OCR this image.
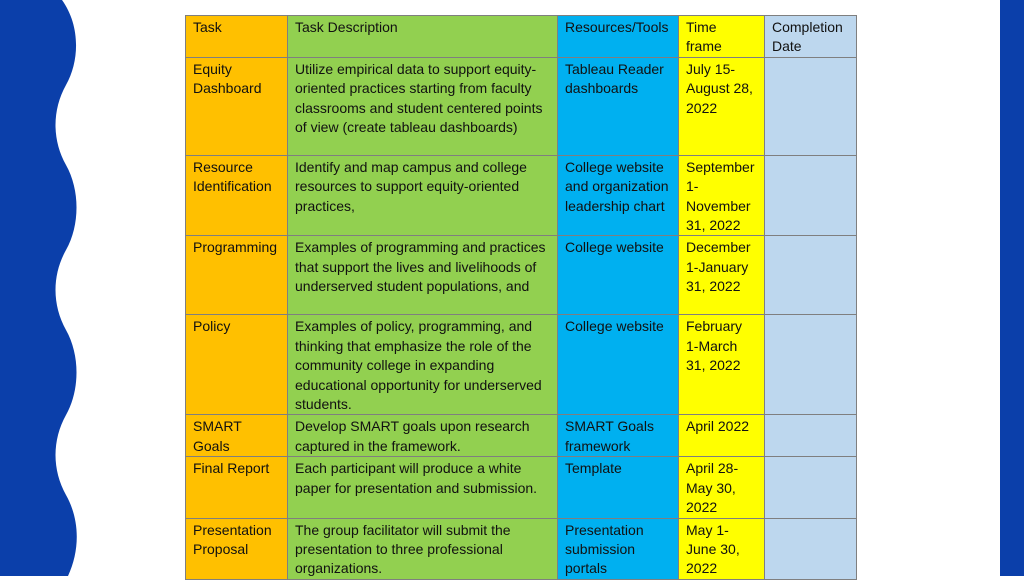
Task	Task Description	Resources/Tools	Time frame	Completion Date
Equity Dashboard	Utilize empirical data to support equity-oriented practices starting from faculty classrooms and student centered points of view (create tableau dashboards)	Tableau Reader dashboards	July 15- August 28, 2022	
Resource Identification	Identify and map campus and college resources to support equity-oriented practices,	College website and organization leadership chart	September 1- November 31, 2022	
Programming	Examples of programming and practices that support the lives and livelihoods of underserved student populations, and	College website	December 1-January 31, 2022	
Policy	Examples of policy, programming, and thinking that emphasize the role of the community college in expanding educational opportunity for underserved students.	College website	February 1-March 31, 2022	
SMART Goals	Develop SMART goals upon research captured in the framework.	SMART Goals framework	April 2022	
Final Report	Each participant will produce a white paper for presentation and submission.	Template	April 28- May 30, 2022	
Presentation Proposal	The group facilitator will submit the presentation to three professional organizations.	Presentation submission portals	May 1- June 30, 2022	
